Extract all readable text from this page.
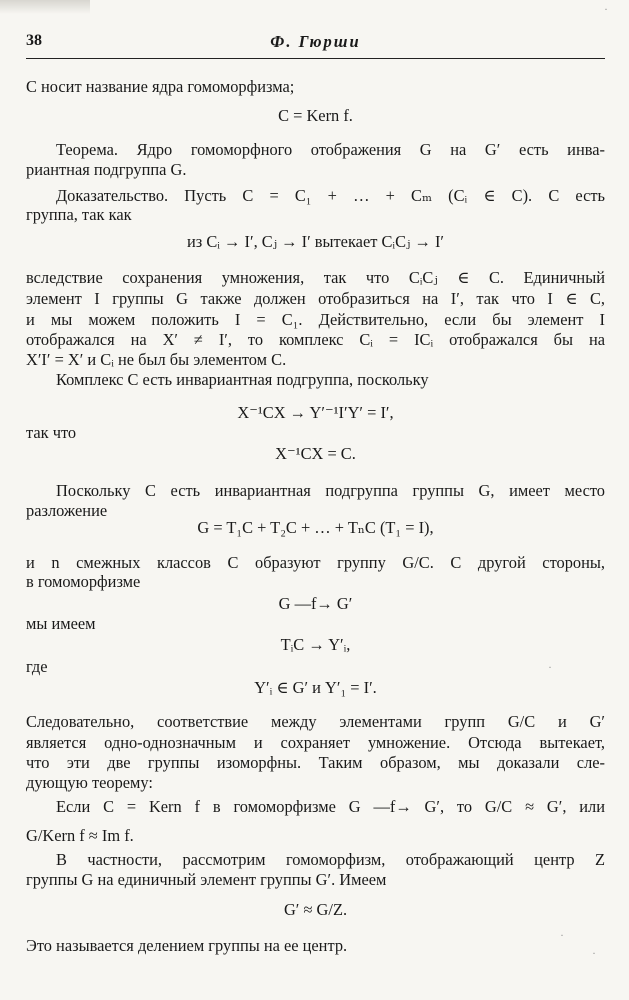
38	Ф. Гюрши
C носит название ядра гомоморфизма;
C = Kern f.
Теорема. Ядро гомоморфного отображения G на G′ есть инва-
риантная подгруппа G.
Доказательство. Пусть C = C₁ + … + Cₘ (Cᵢ ∈ C). C есть
группа, так как
из Cᵢ → I′, Cⱼ → I′ вытекает CᵢCⱼ → I′
вследствие сохранения умножения, так что CᵢCⱼ ∈ C. Единичный
элемент I группы G также должен отобразиться на I′, так что I ∈ C,
и мы можем положить I = C₁. Действительно, если бы элемент I
отображался на X′ ≠ I′, то комплекс Cᵢ = ICᵢ отображался бы на
X′I′ = X′ и Cᵢ не был бы элементом C.
Комплекс C есть инвариантная подгруппа, поскольку
X⁻¹CX → Y′⁻¹I′Y′ = I′,
так что
X⁻¹CX = C.
Поскольку C есть инвариантная подгруппа группы G, имеет место
разложение
G = T₁C + T₂C + … + TₙC (T₁ = I),
и n смежных классов C образуют группу G/C. С другой стороны,
в гомоморфизме
G —f→ G′
мы имеем
TᵢC → Y′ᵢ,
где
Y′ᵢ ∈ G′ и Y′₁ = I′.
Следовательно, соответствие между элементами групп G/C и G′
является одно-однозначным и сохраняет умножение. Отсюда вытекает,
что эти две группы изоморфны. Таким образом, мы доказали сле-
дующую теорему:
Если C = Kern f в гомоморфизме G —f→ G′, то G/C ≈ G′, или
G/Kern f ≈ Im f.
В частности, рассмотрим гомоморфизм, отображающий центр Z
группы G на единичный элемент группы G′. Имеем
G′ ≈ G/Z.
Это называется делением группы на ее центр.
·
·
·
·
